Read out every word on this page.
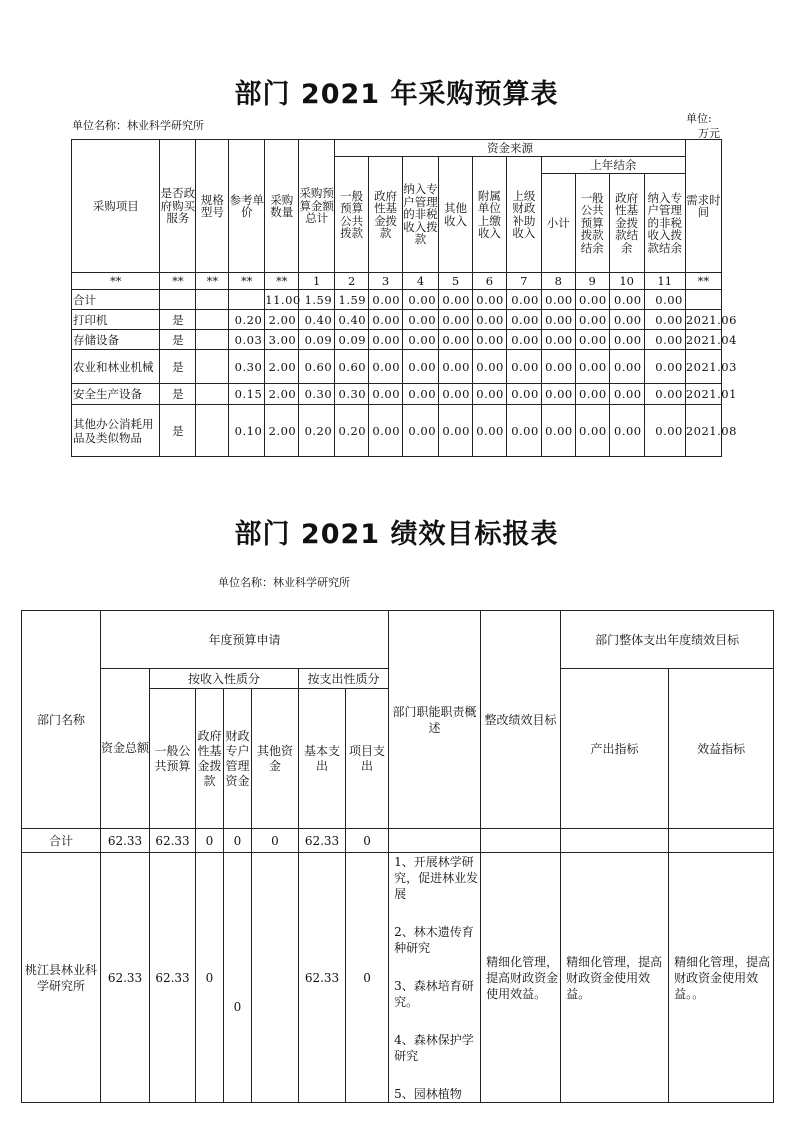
部门 2021 年采购预算表
单位名称：林业科学研究所
单位:
万元
采购项目	是否政府购买服务	规格型号	参考单价	采购数量	采购预算金额总计	资金来源										需求时间
						一般预算公共拨款	政府性基金拨款	纳入专户管理的非税收入拨款	其他收入	附属单位上缴收入	上级财政补助收入	上年结余				
												小计	一般公共预算拨款结余	政府性基金拨款结余	纳入专户管理的非税收入拨款结余	
**	**	**	**	**	1	2	3	4	5	6	7	8	9	10	11	**
合计				11.00	1.59	1.59	0.00	0.00	0.00	0.00	0.00	0.00	0.00	0.00	0.00	
打印机	是		0.20	2.00	0.40	0.40	0.00	0.00	0.00	0.00	0.00	0.00	0.00	0.00	0.00	2021.06
存储设备	是		0.03	3.00	0.09	0.09	0.00	0.00	0.00	0.00	0.00	0.00	0.00	0.00	0.00	2021.04
农业和林业机械	是		0.30	2.00	0.60	0.60	0.00	0.00	0.00	0.00	0.00	0.00	0.00	0.00	0.00	2021.03
安全生产设备	是		0.15	2.00	0.30	0.30	0.00	0.00	0.00	0.00	0.00	0.00	0.00	0.00	0.00	2021.01
其他办公消耗用品及类似物品	是		0.10	2.00	0.20	0.20	0.00	0.00	0.00	0.00	0.00	0.00	0.00	0.00	0.00	2021.08
部门 2021 绩效目标报表
单位名称：林业科学研究所
部门名称	年度预算申请							部门职能职责概述	整改绩效目标	部门整体支出年度绩效目标	
	资金总额	按收入性质分				按支出性质分				产出指标	效益指标
		一般公共预算	政府性基金拨款	财政专户管理资金	其他资金	基本支出	项目支出				
合计	62.33	62.33	0	0	0	62.33	0				
桃江县林业科学研究所	62.33	62.33	0	0		62.33	0	1、开展林学研究，促进林业发展
2、林木遗传育种研究
3、森林培育研究。
4、森林保护学研究
5、园林植物	精细化管理，提高财政资金使用效益。	精细化管理，提高财政资金使用效益。	精细化管理，提高财政资金使用效益。。
